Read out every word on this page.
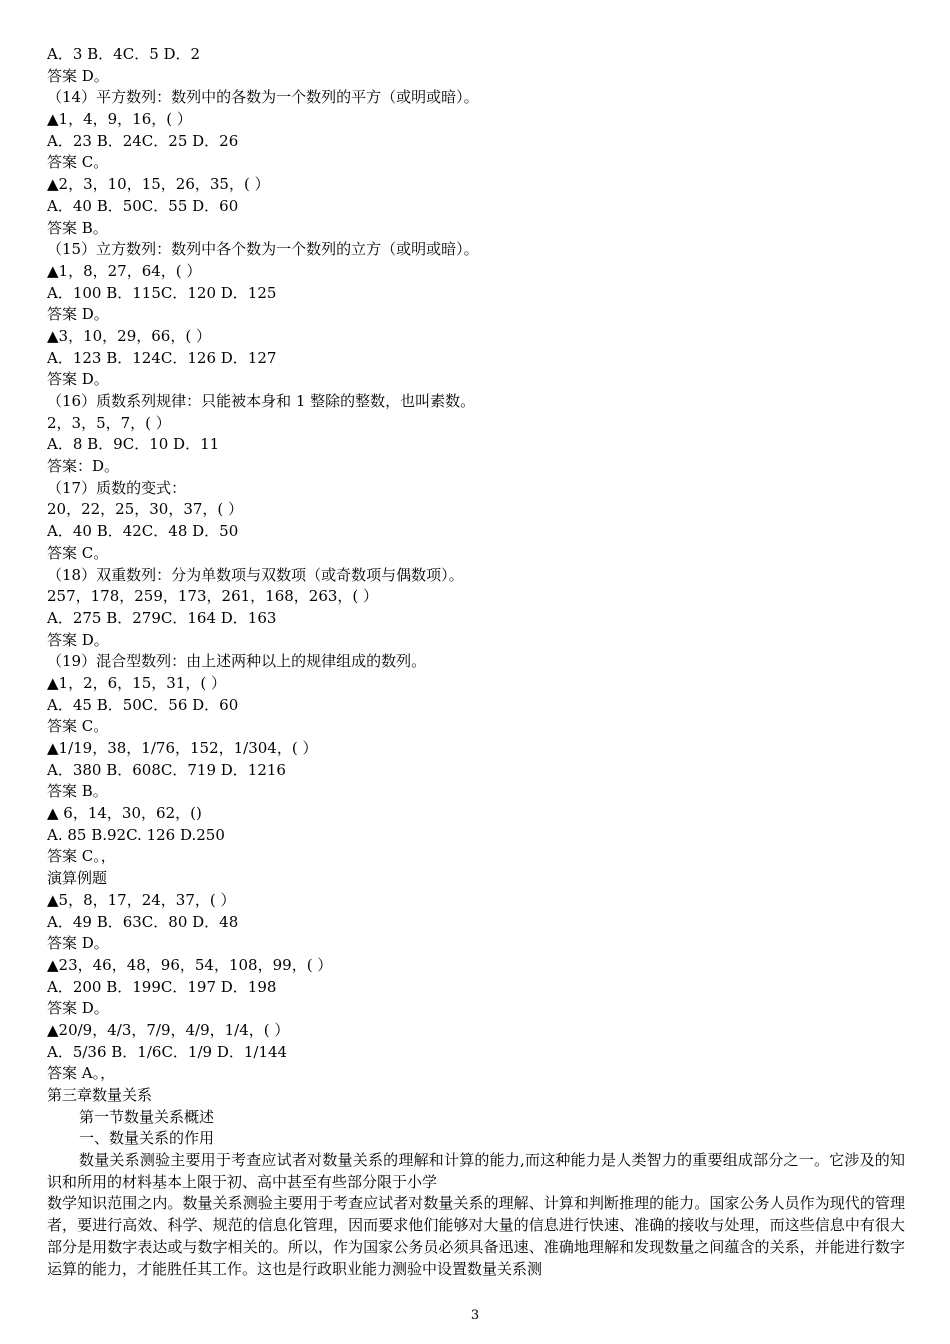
A．3 B．4C．5 D．2
答案 D。
（14）平方数列：数列中的各数为一个数列的平方（或明或暗）。
▲1，4，9，16，( ）
A．23 B．24C．25 D．26
答案 C。
▲2，3，10，15，26，35，( ）
A．40 B．50C．55 D．60
答案 B。
（15）立方数列：数列中各个数为一个数列的立方（或明或暗）。
▲1，8，27，64，( ）
A．100 B．115C．120 D．125
答案 D。
▲3，10，29，66，( ）
A．123 B．124C．126 D．127
答案 D。
（16）质数系列规律：只能被本身和 1 整除的整数，也叫素数。
2，3，5，7，( ）
A．8 B．9C．10 D．11
答案：D。
（17）质数的变式：
20，22，25，30，37，( ）
A．40 B．42C．48 D．50
答案 C。
（18）双重数列：分为单数项与双数项（或奇数项与偶数项）。
257，178，259，173，261，168，263，( ）
A．275 B．279C．164 D．163
答案 D。
（19）混合型数列：由上述两种以上的规律组成的数列。
▲1，2，6，15，31，( ）
A．45 B．50C．56 D．60
答案 C。
▲1/19，38，1/76，152，1/304，( ）
A．380 B．608C．719 D．1216
答案 B。
▲ 6，14，30，62，()
A. 85 B.92C. 126 D.250
答案 C。，
演算例题
▲5，8，17，24，37，( ）
A．49 B．63C．80 D．48
答案 D。
▲23，46，48，96，54，108，99，( ）
A．200 B．199C．197 D．198
答案 D。
▲20/9，4/3，7/9，4/9，1/4，( ）
A．5/36 B．1/6C．1/9 D．1/144
答案 A。，
第三章数量关系
第一节数量关系概述
一、数量关系的作用
数量关系测验主要用于考查应试者对数量关系的理解和计算的能力,而这种能力是人类智力的重要组成部分之一。它涉及的知识和所用的材料基本上限于初、高中甚至有些部分限于小学
数学知识范围之内。数量关系测验主要用于考查应试者对数量关系的理解、计算和判断推理的能力。国家公务人员作为现代的管理者，要进行高效、科学、规范的信息化管理，因而要求他们能够对大量的信息进行快速、准确的接收与处理，而这些信息中有很大部分是用数字表达或与数字相关的。所以，作为国家公务员必须具备迅速、准确地理解和发现数量之间蕴含的关系，并能进行数字运算的能力，才能胜任其工作。这也是行政职业能力测验中设置数量关系测
3
